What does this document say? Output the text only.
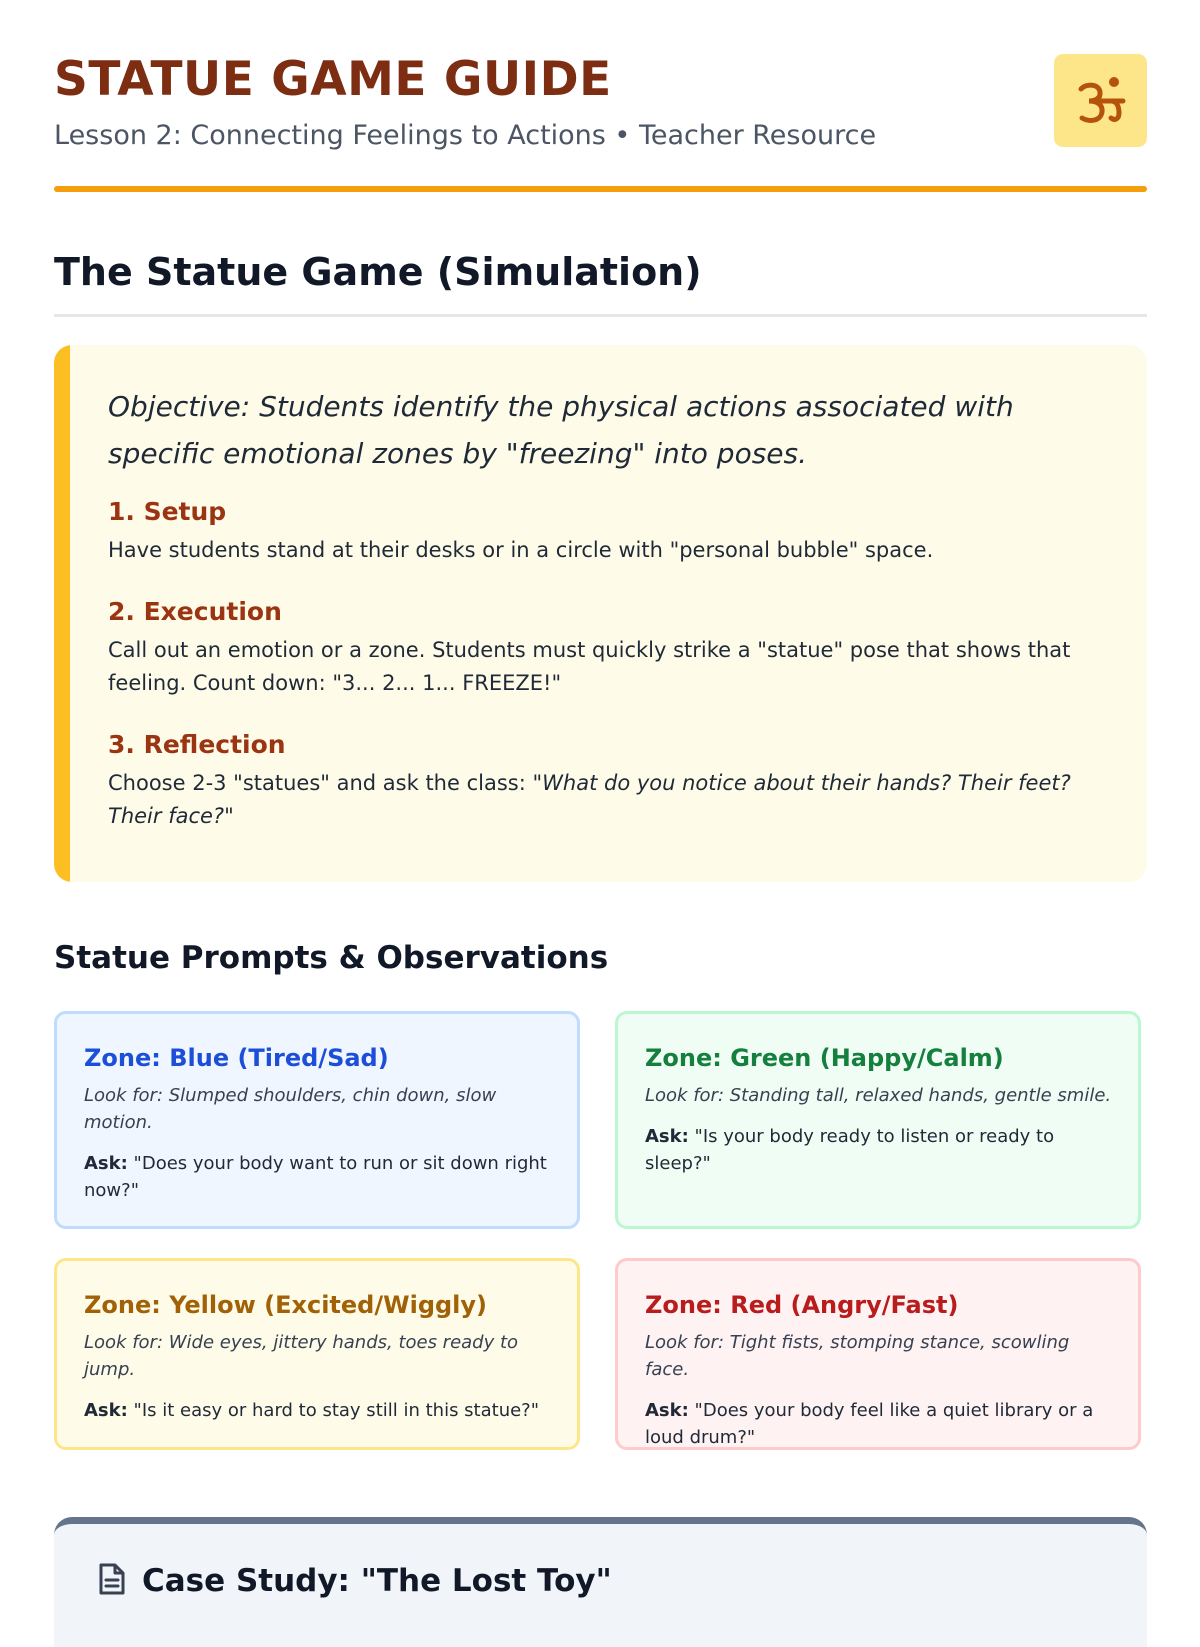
STATUE GAME GUIDE
Lesson 2: Connecting Feelings to Actions • Teacher Resource
The Statue Game (Simulation)

Objective: Students identify the physical actions associated with specific emotional zones by "freezing" into poses.

1. Setup

Have students stand at their desks or in a circle with "personal bubble" space.

2. Execution

Call out an emotion or a zone. Students must quickly strike a "statue" pose that shows that feeling. Count down: "3... 2... 1... FREEZE!"

3. Reflection

Choose 2-3 "statues" and ask the class: "What do you notice about their hands? Their feet? Their face?"

Statue Prompts & Observations
Zone: Blue (Tired/Sad)

Look for: Slumped shoulders, chin down, slow motion.

Ask: "Does your body want to run or sit down right now?"

Zone: Green (Happy/Calm)

Look for: Standing tall, relaxed hands, gentle smile.

Ask: "Is your body ready to listen or ready to sleep?"

Zone: Yellow (Excited/Wiggly)

Look for: Wide eyes, jittery hands, toes ready to jump.

Ask: "Is it easy or hard to stay still in this statue?"

Zone: Red (Angry/Fast)

Look for: Tight fists, stomping stance, scowling face.

Ask: "Does your body feel like a quiet library or a loud drum?"

Case Study: "The Lost Toy"
